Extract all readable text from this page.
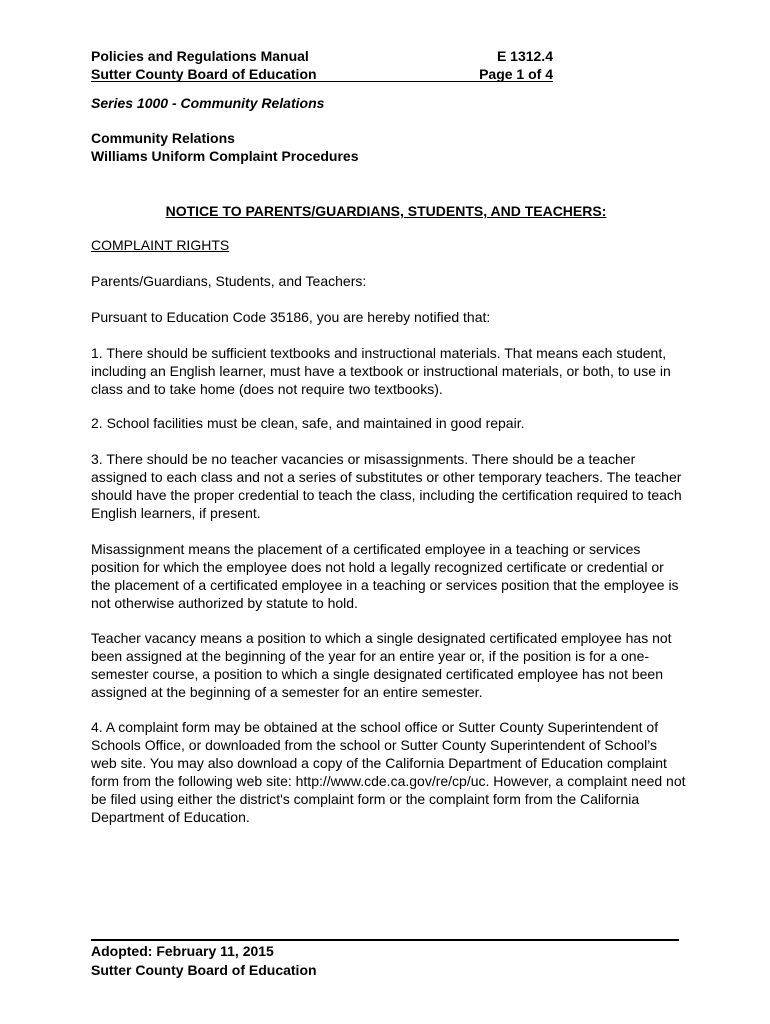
Policies and Regulations Manual	E 1312.4
Sutter County Board of Education	Page 1 of 4
Series 1000 - Community Relations
Community Relations
Williams Uniform Complaint Procedures
NOTICE TO PARENTS/GUARDIANS, STUDENTS, AND TEACHERS:
COMPLAINT RIGHTS
Parents/Guardians, Students, and Teachers:
Pursuant to Education Code 35186, you are hereby notified that:
1. There should be sufficient textbooks and instructional materials. That means each student, including an English learner, must have a textbook or instructional materials, or both, to use in class and to take home (does not require two textbooks).
2. School facilities must be clean, safe, and maintained in good repair.
3. There should be no teacher vacancies or misassignments. There should be a teacher assigned to each class and not a series of substitutes or other temporary teachers. The teacher should have the proper credential to teach the class, including the certification required to teach English learners, if present.
Misassignment means the placement of a certificated employee in a teaching or services position for which the employee does not hold a legally recognized certificate or credential or the placement of a certificated employee in a teaching or services position that the employee is not otherwise authorized by statute to hold.
Teacher vacancy means a position to which a single designated certificated employee has not been assigned at the beginning of the year for an entire year or, if the position is for a one-semester course, a position to which a single designated certificated employee has not been assigned at the beginning of a semester for an entire semester.
4. A complaint form may be obtained at the school office or Sutter County Superintendent of Schools Office, or downloaded from the school or Sutter County Superintendent of School’s web site. You may also download a copy of the California Department of Education complaint form from the following web site: http://www.cde.ca.gov/re/cp/uc. However, a complaint need not be filed using either the district's complaint form or the complaint form from the California Department of Education.
Adopted: February 11, 2015
Sutter County Board of Education
